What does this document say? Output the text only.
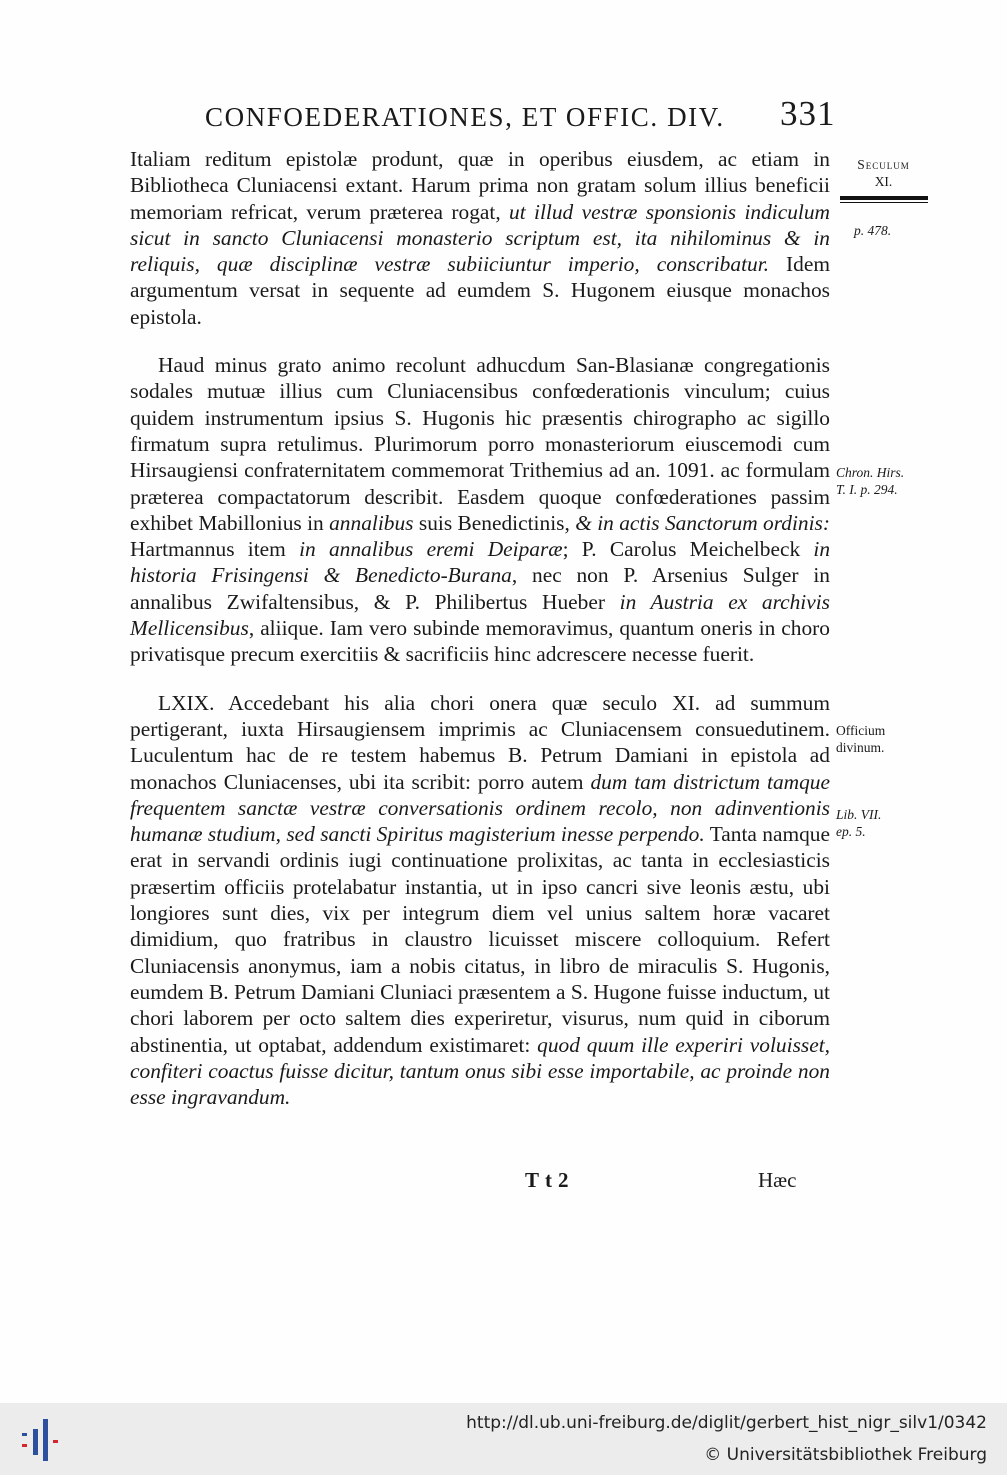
CONFOEDERATIONES, ET OFFIC. DIV. 331

Italiam reditum epistolæ produnt, quæ in operibus eiusdem, ac etiam in Bibliotheca Cluniacensi extant. Harum prima non gratam solum illius beneficii memoriam refricat, verum præterea rogat, ut illud vestræ sponsionis indiculum sicut in sancto Cluniacensi monasterio scriptum est, ita nihilominus & in reliquis, quæ disciplinæ vestræ subiiciuntur imperio, conscribatur. Idem argumentum versat in sequente ad eumdem S. Hugonem eiusque monachos epistola.

Haud minus grato animo recolunt adhucdum San-Blasianæ congregationis sodales mutuæ illius cum Cluniacensibus confœderationis vinculum; cuius quidem instrumentum ipsius S. Hugonis hic præsentis chirographo ac sigillo firmatum supra retulimus. Plurimorum porro monasteriorum eiuscemodi cum Hirsaugiensi confraternitatem commemorat Trithemius ad an. 1091. ac formulam præterea compactatorum describit. Easdem quoque confœderationes passim exhibet Mabillonius in annalibus suis Benedictinis, & in actis Sanctorum ordinis: Hartmannus item in annalibus eremi Deiparæ; P. Carolus Meichelbeck in historia Frisingensi & Benedicto-Burana, nec non P. Arsenius Sulger in annalibus Zwifaltensibus, & P. Philibertus Hueber in Austria ex archivis Mellicensibus, aliique. Iam vero subinde memoravimus, quantum oneris in choro privatisque precum exercitiis & sacrificiis hinc adcrescere necesse fuerit.

LXIX. Accedebant his alia chori onera quæ seculo XI. ad summum pertigerant, iuxta Hirsaugiensem imprimis ac Cluniacensem consuedutinem. Luculentum hac de re testem habemus B. Petrum Damiani in epistola ad monachos Cluniacenses, ubi ita scribit: porro autem dum tam districtum tamque frequentem sanctæ vestræ conversationis ordinem recolo, non adinventionis humanæ studium, sed sancti Spiritus magisterium inesse perpendo. Tanta namque erat in servandi ordinis iugi continuatione prolixitas, ac tanta in ecclesiasticis præsertim officiis protelabatur instantia, ut in ipso cancri sive leonis æstu, ubi longiores sunt dies, vix per integrum diem vel unius saltem horæ vacaret dimidium, quo fratribus in claustro licuisset miscere colloquium. Refert Cluniacensis anonymus, iam a nobis citatus, in libro de miraculis S. Hugonis, eumdem B. Petrum Damiani Cluniaci præsentem a S. Hugone fuisse inductum, ut chori laborem per octo saltem dies experiretur, visurus, num quid in ciborum abstinentia, ut optabat, addendum existimaret: quod quum ille experiri voluisset, confiteri coactus fuisse dicitur, tantum onus sibi esse importabile, ac proinde non esse ingravandum.

Seculum
XI.
p. 478.
Chron. Hirs.
T. I. p. 294.
Officium divinum.
Lib. VII.
ep. 5.
Tt2	Hæc
http://dl.ub.uni-freiburg.de/diglit/gerbert_hist_nigr_silv1/0342
© Universitätsbibliothek Freiburg
